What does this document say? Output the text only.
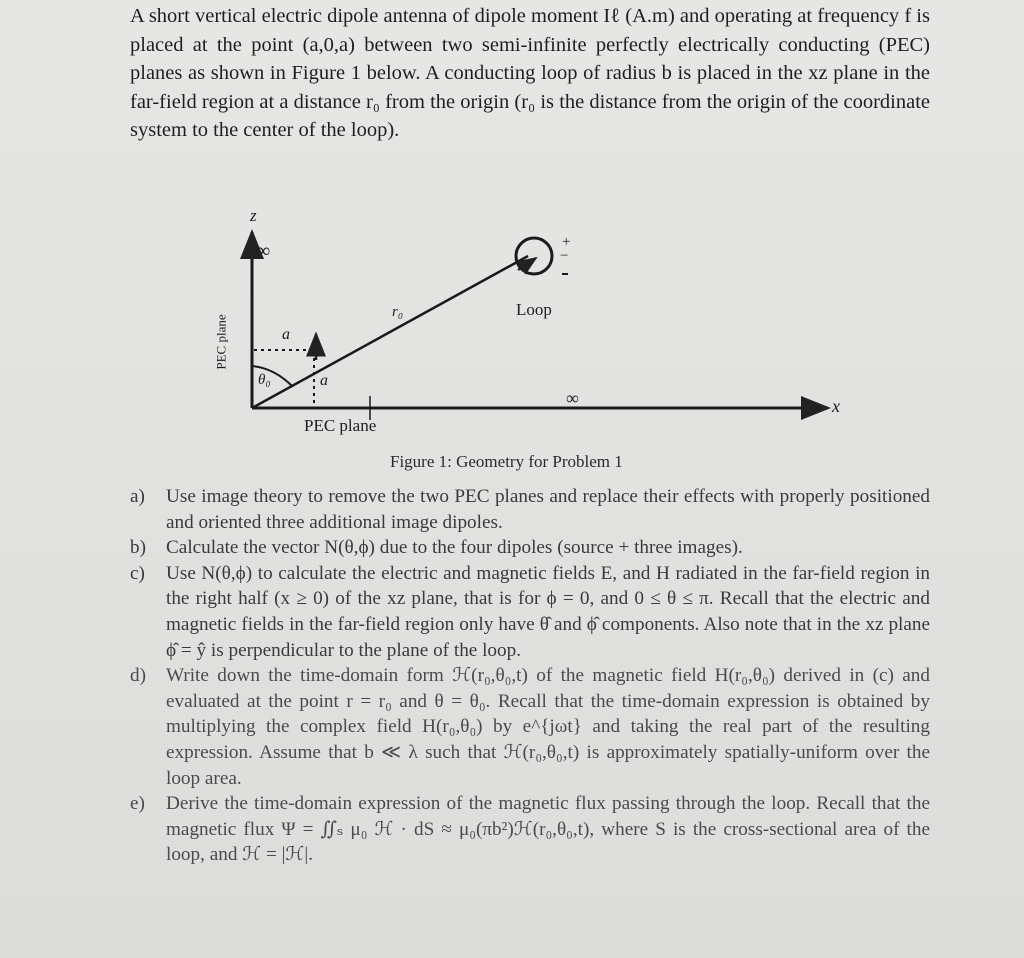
A short vertical electric dipole antenna of dipole moment Iℓ (A.m) and operating at frequency f is placed at the point (a,0,a) between two semi-infinite perfectly electrically conducting (PEC) planes as shown in Figure 1 below. A conducting loop of radius b is placed in the xz plane in the far-field region at a distance r₀ from the origin (r₀ is the distance from the origin of the coordinate system to the center of the loop).
z
x
∞
∞
PEC plane
PEC plane
a
a
θ₀
r₀	Loop
+
−
Figure 1: Geometry for Problem 1
a) Use image theory to remove the two PEC planes and replace their effects with properly positioned and oriented three additional image dipoles.
b) Calculate the vector N(θ,ϕ) due to the four dipoles (source + three images).
c) Use N(θ,ϕ) to calculate the electric and magnetic fields E, and H radiated in the far-field region in the right half (x ≥ 0) of the xz plane, that is for ϕ = 0, and 0 ≤ θ ≤ π. Recall that the electric and magnetic fields in the far-field region only have θ̂ and ϕ̂ components. Also note that in the xz plane ϕ̂ = ŷ is perpendicular to the plane of the loop.
d) Write down the time-domain form ℋ(r₀,θ₀,t) of the magnetic field H(r₀,θ₀) derived in (c) and evaluated at the point r = r₀ and θ = θ₀. Recall that the time-domain expression is obtained by multiplying the complex field H(r₀,θ₀) by e^{jωt} and taking the real part of the resulting expression. Assume that b ≪ λ such that ℋ(r₀,θ₀,t) is approximately spatially-uniform over the loop area.
e) Derive the time-domain expression of the magnetic flux passing through the loop. Recall that the magnetic flux Ψ = ∬ₛ μ₀ ℋ · dS ≈ μ₀(πb²)ℋ(r₀,θ₀,t), where S is the cross-sectional area of the loop, and ℋ = |ℋ|.
